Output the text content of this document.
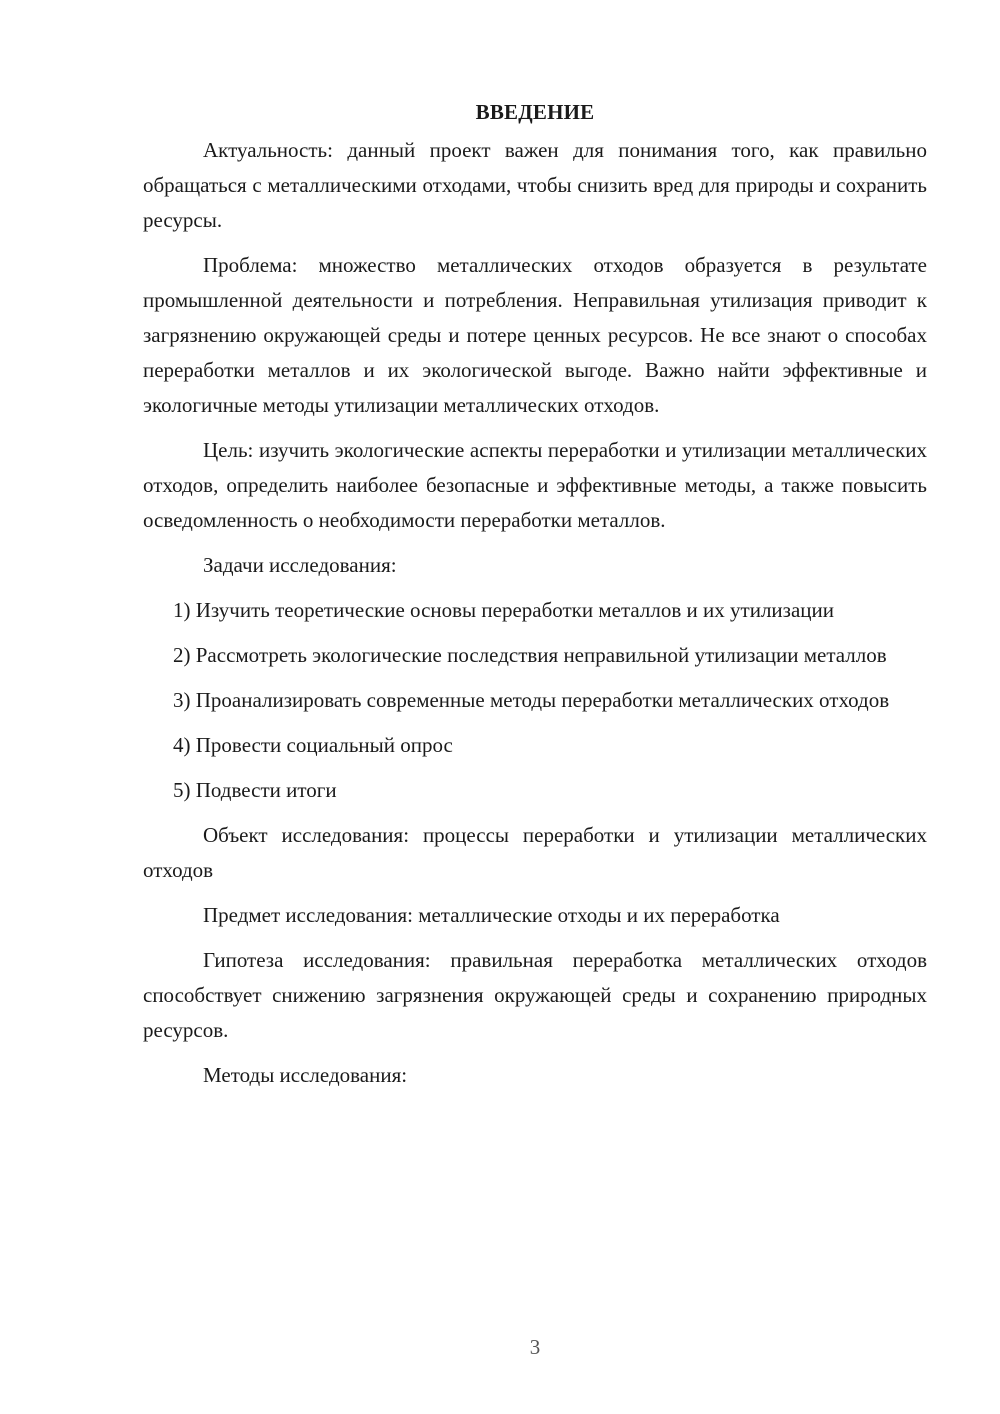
ВВЕДЕНИЕ

Актуальность: данный проект важен для понимания того, как правильно обращаться с металлическими отходами, чтобы снизить вред для природы и сохранить ресурсы.

Проблема: множество металлических отходов образуется в результате промышленной деятельности и потребления. Неправильная утилизация приводит к загрязнению окружающей среды и потере ценных ресурсов. Не все знают о способах переработки металлов и их экологической выгоде. Важно найти эффективные и экологичные методы утилизации металлических отходов.

Цель: изучить экологические аспекты переработки и утилизации металлических отходов, определить наиболее безопасные и эффективные методы, а также повысить осведомленность о необходимости переработки металлов.

Задачи исследования:

1) Изучить теоретические основы переработки металлов и их утилизации

2) Рассмотреть экологические последствия неправильной утилизации металлов

3) Проанализировать современные методы переработки металлических отходов

4) Провести социальный опрос

5) Подвести итоги

Объект исследования: процессы переработки и утилизации металлических отходов

Предмет исследования: металлические отходы и их переработка

Гипотеза исследования: правильная переработка металлических отходов способствует снижению загрязнения окружающей среды и сохранению природных ресурсов.

Методы исследования:

3
